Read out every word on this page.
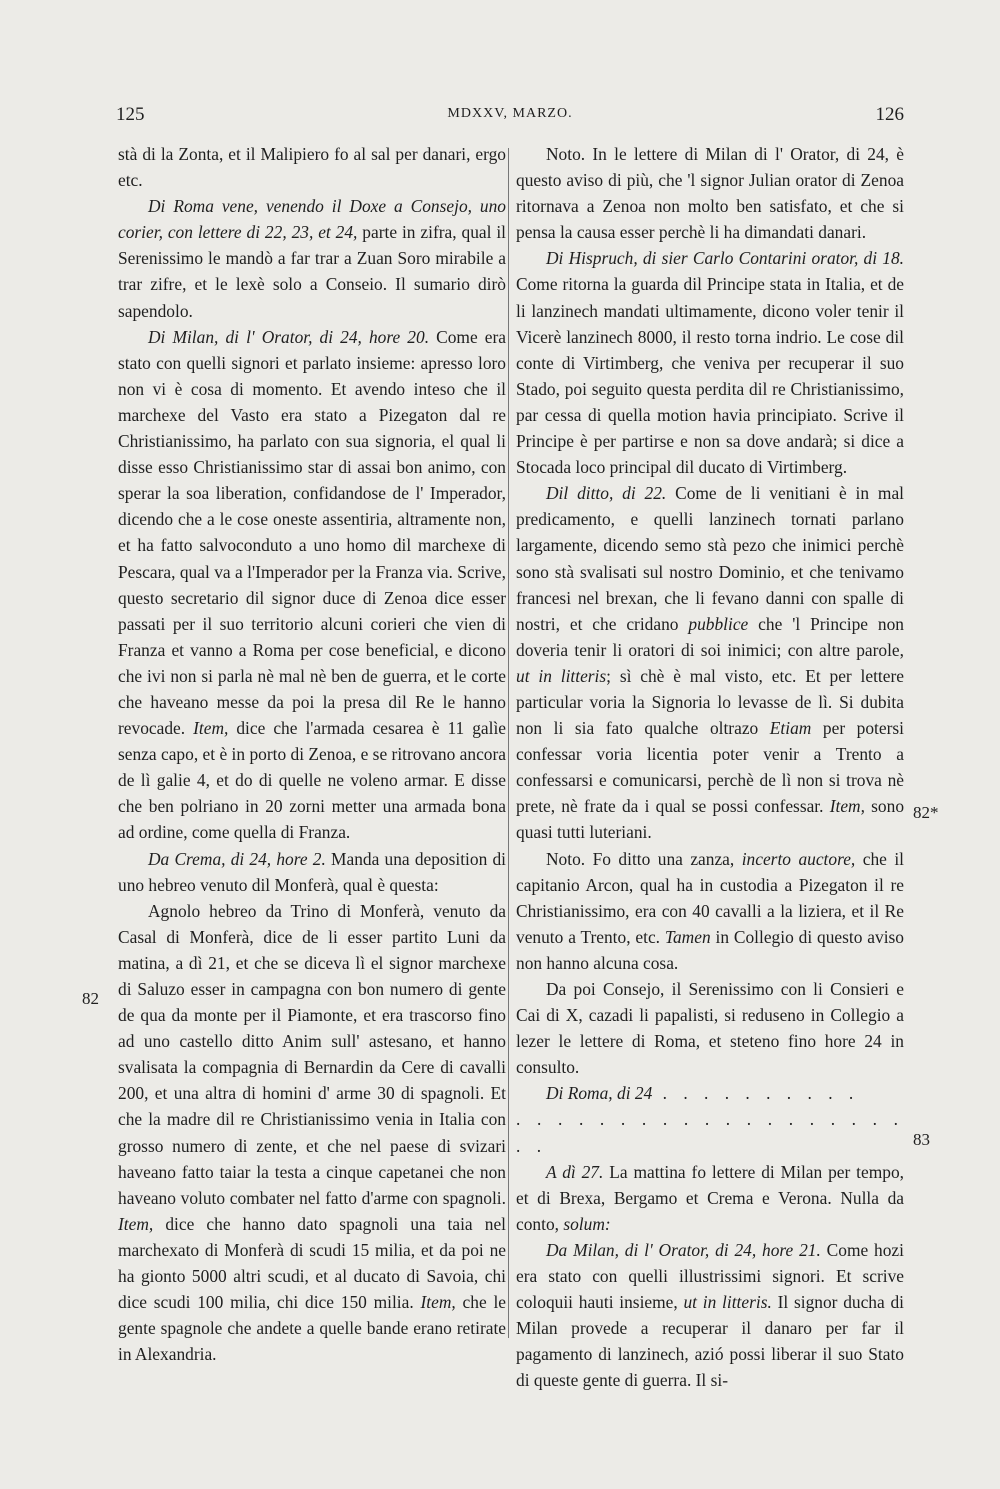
125	MDXXV, MARZO.	126
82
82*
83

stà di la Zonta, et il Malipiero fo al sal per danari, ergo etc.

Di Roma vene, venendo il Doxe a Consejo, uno corier, con lettere di 22, 23, et 24, parte in zifra, qual il Serenissimo le mandò a far trar a Zuan Soro mirabile a trar zifre, et le lexè solo a Conseio. Il sumario dirò sapendolo.

Di Milan, di l' Orator, di 24, hore 20. Come era stato con quelli signori et parlato insieme: apresso loro non vi è cosa di momento. Et avendo inteso che il marchexe del Vasto era stato a Pizegaton dal re Christianissimo, ha parlato con sua signoria, el qual li disse esso Christianissimo star di assai bon animo, con sperar la soa liberation, confidandose de l' Imperador, dicendo che a le cose oneste assentiria, altramente non, et ha fatto salvoconduto a uno homo dil marchexe di Pescara, qual va a l'Imperador per la Franza via. Scrive, questo secretario dil signor duce di Zenoa dice esser passati per il suo territorio alcuni corieri che vien di Franza et vanno a Roma per cose beneficial, e dicono che ivi non si parla nè mal nè ben de guerra, et le corte che haveano messe da poi la presa dil Re le hanno revocade. Item, dice che l'armada cesarea è 11 galìe senza capo, et è in porto di Zenoa, e se ritrovano ancora de lì galie 4, et do di quelle ne voleno armar. E disse che ben polriano in 20 zorni metter una armada bona ad ordine, come quella di Franza.

Da Crema, di 24, hore 2. Manda una deposition di uno hebreo venuto dil Monferà, qual è questa:

Agnolo hebreo da Trino di Monferà, venuto da Casal di Monferà, dice de li esser partito Luni da matina, a dì 21, et che se diceva lì el signor marchexe di Saluzo esser in campagna con bon numero di gente de qua da monte per il Piamonte, et era trascorso fino ad uno castello ditto Anim sull' astesano, et hanno svalisata la compagnia di Bernardin da Cere di cavalli 200, et una altra di homini d' arme 30 di spagnoli. Et che la madre dil re Christianissimo venia in Italia con grosso numero di zente, et che nel paese di svizari haveano fatto taiar la testa a cinque capetanei che non haveano voluto combater nel fatto d'arme con spagnoli. Item, dice che hanno dato spagnoli una taia nel marchexato di Monferà di scudi 15 milia, et da poi ne ha gionto 5000 altri scudi, et al ducato di Savoia, chi dice scudi 100 milia, chi dice 150 milia. Item, che le gente spagnole che andete a quelle bande erano retirate in Alexandria.

Noto. In le lettere di Milan di l' Orator, di 24, è questo aviso di più, che 'l signor Julian orator di Zenoa ritornava a Zenoa non molto ben satisfato, et che si pensa la causa esser perchè li ha dimandati danari.

Di Hispruch, di sier Carlo Contarini orator, di 18. Come ritorna la guarda dil Principe stata in Italia, et de li lanzinech mandati ultimamente, dicono voler tenir il Vicerè lanzinech 8000, il resto torna indrio. Le cose dil conte di Virtimberg, che veniva per recuperar il suo Stado, poi seguito questa perdita dil re Christianissimo, par cessa di quella motion havia principiato. Scrive il Principe è per partirse e non sa dove andarà; si dice a Stocada loco principal dil ducato di Virtimberg.

Dil ditto, di 22. Come de li venitiani è in mal predicamento, e quelli lanzinech tornati parlano largamente, dicendo semo stà pezo che inimici perchè sono stà svalisati sul nostro Dominio, et che tenivamo francesi nel brexan, che li fevano danni con spalle di nostri, et che cridano pubblice che 'l Principe non doveria tenir li oratori di soi inimici; con altre parole, ut in litteris; sì chè è mal visto, etc. Et per lettere particular voria la Signoria lo levasse de lì. Si dubita non li sia fato qualche oltrazo Etiam per potersi confessar voria licentia poter venir a Trento a confessarsi e comunicarsi, perchè de lì non si trova nè prete, nè frate da i qual se possi confessar. Item, sono quasi tutti luteriani.

Noto. Fo ditto una zanza, incerto auctore, che il capitanio Arcon, qual ha in custodia a Pizegaton il re Christianissimo, era con 40 cavalli a la liziera, et il Re venuto a Trento, etc. Tamen in Collegio di questo aviso non hanno alcuna cosa.

Da poi Consejo, il Serenissimo con li Consieri e Cai di X, cazadi li papalisti, si reduseno in Collegio a lezer le lettere di Roma, et steteno fino hore 24 in consulto.

Di Roma, di 24 . . . . . . . . . .

. . . . . . . . . . . . . . . . . . . . .

A dì 27. La mattina fo lettere di Milan per tempo, et di Brexa, Bergamo et Crema e Verona. Nulla da conto, solum:

Da Milan, di l' Orator, di 24, hore 21. Come hozi era stato con quelli illustrissimi signori. Et scrive coloquii hauti insieme, ut in litteris. Il signor ducha di Milan provede a recuperar il danaro per far il pagamento di lanzinech, azió possi liberar il suo Stato di queste gente di guerra. Il si-
